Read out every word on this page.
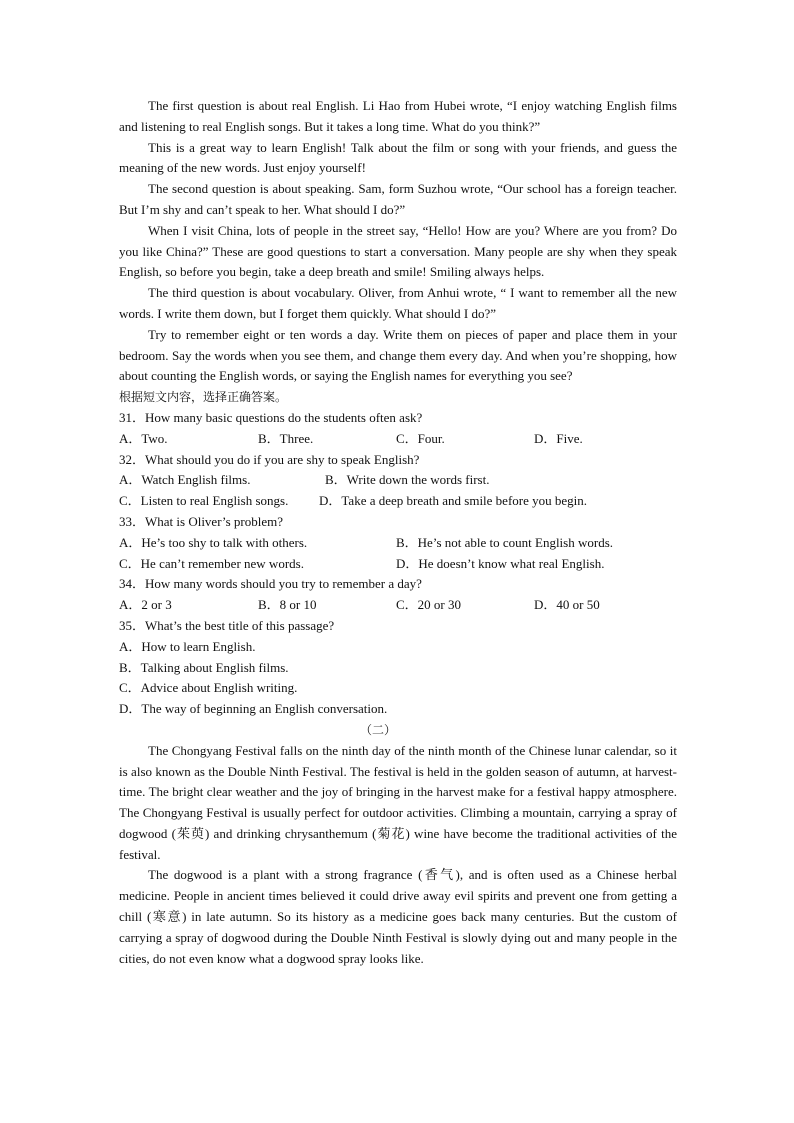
The first question is about real English. Li Hao from Hubei wrote, “I enjoy watching English films and listening to real English songs. But it takes a long time. What do you think?”

This is a great way to learn English! Talk about the film or song with your friends, and guess the meaning of the new words. Just enjoy yourself!

The second question is about speaking. Sam, form Suzhou wrote, “Our school has a foreign teacher. But I’m shy and can’t speak to her. What should I do?”

When I visit China, lots of people in the street say, “Hello! How are you? Where are you from? Do you like China?” These are good questions to start a conversation. Many people are shy when they speak English, so before you begin, take a deep breath and smile! Smiling always helps.

The third question is about vocabulary. Oliver, from Anhui wrote, “ I want to remember all the new words. I write them down, but I forget them quickly. What should I do?”

Try to remember eight or ten words a day. Write them on pieces of paper and place them in your bedroom. Say the words when you see them, and change them every day. And when you’re shopping, how about counting the English words, or saying the English names for everything you see?

根据短文内容，选择正确答案。

31．How many basic questions do the students often ask?

A．Two.	B．Three.	C．Four.	D．Five.

32．What should you do if you are shy to speak English?

A．Watch English films.	B．Write down the words first.
C．Listen to real English songs. D．Take a deep breath and smile before you begin.

33．What is Oliver’s problem?

A．He’s too shy to talk with others.	B．He’s not able to count English words.
C．He can’t remember new words.	D．He doesn’t know what real English.

34．How many words should you try to remember a day?

A．2 or 3	B．8 or 10	C．20 or 30	D．40 or 50

35．What’s the best title of this passage?

A．How to learn English.

B．Talking about English films.

C．Advice about English writing.

D．The way of beginning an English conversation.

（二）

The Chongyang Festival falls on the ninth day of the ninth month of the Chinese lunar calendar, so it is also known as the Double Ninth Festival. The festival is held in the golden season of autumn, at harvest-time. The bright clear weather and the joy of bringing in the harvest make for a festival happy atmosphere. The Chongyang Festival is usually perfect for outdoor activities. Climbing a mountain, carrying a spray of dogwood (茱萸) and drinking chrysanthemum (菊花) wine have become the traditional activities of the festival.

The dogwood is a plant with a strong fragrance (香气), and is often used as a Chinese herbal medicine. People in ancient times believed it could drive away evil spirits and prevent one from getting a chill (寒意) in late autumn. So its history as a medicine goes back many centuries. But the custom of carrying a spray of dogwood during the Double Ninth Festival is slowly dying out and many people in the cities, do not even know what a dogwood spray looks like.
